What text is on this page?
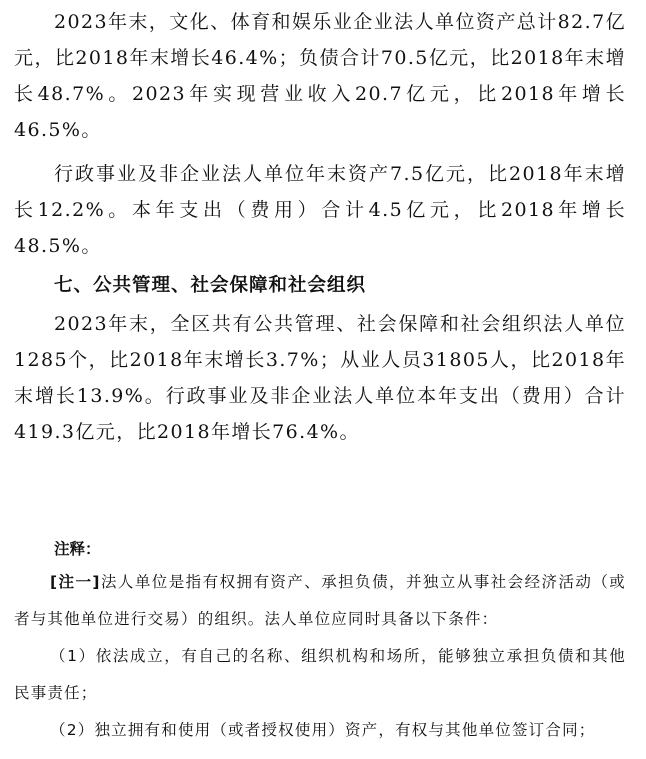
2023年末，文化、体育和娱乐业企业法人单位资产总计82.7亿元，比2018年末增长46.4%；负债合计70.5亿元，比2018年末增长48.7%。2023年实现营业收入20.7亿元，比2018年增长46.5%。

行政事业及非企业法人单位年末资产7.5亿元，比2018年末增长12.2%。本年支出（费用）合计4.5亿元，比2018年增长48.5%。

七、公共管理、社会保障和社会组织

2023年末，全区共有公共管理、社会保障和社会组织法人单位1285个，比2018年末增长3.7%；从业人员31805人，比2018年末增长13.9%。行政事业及非企业法人单位本年支出（费用）合计419.3亿元，比2018年增长76.4%。

注释：

[注一]法人单位是指有权拥有资产、承担负债，并独立从事社会经济活动（或者与其他单位进行交易）的组织。法人单位应同时具备以下条件：

（1）依法成立，有自己的名称、组织机构和场所，能够独立承担负债和其他民事责任；

（2）独立拥有和使用（或者授权使用）资产，有权与其他单位签订合同；
